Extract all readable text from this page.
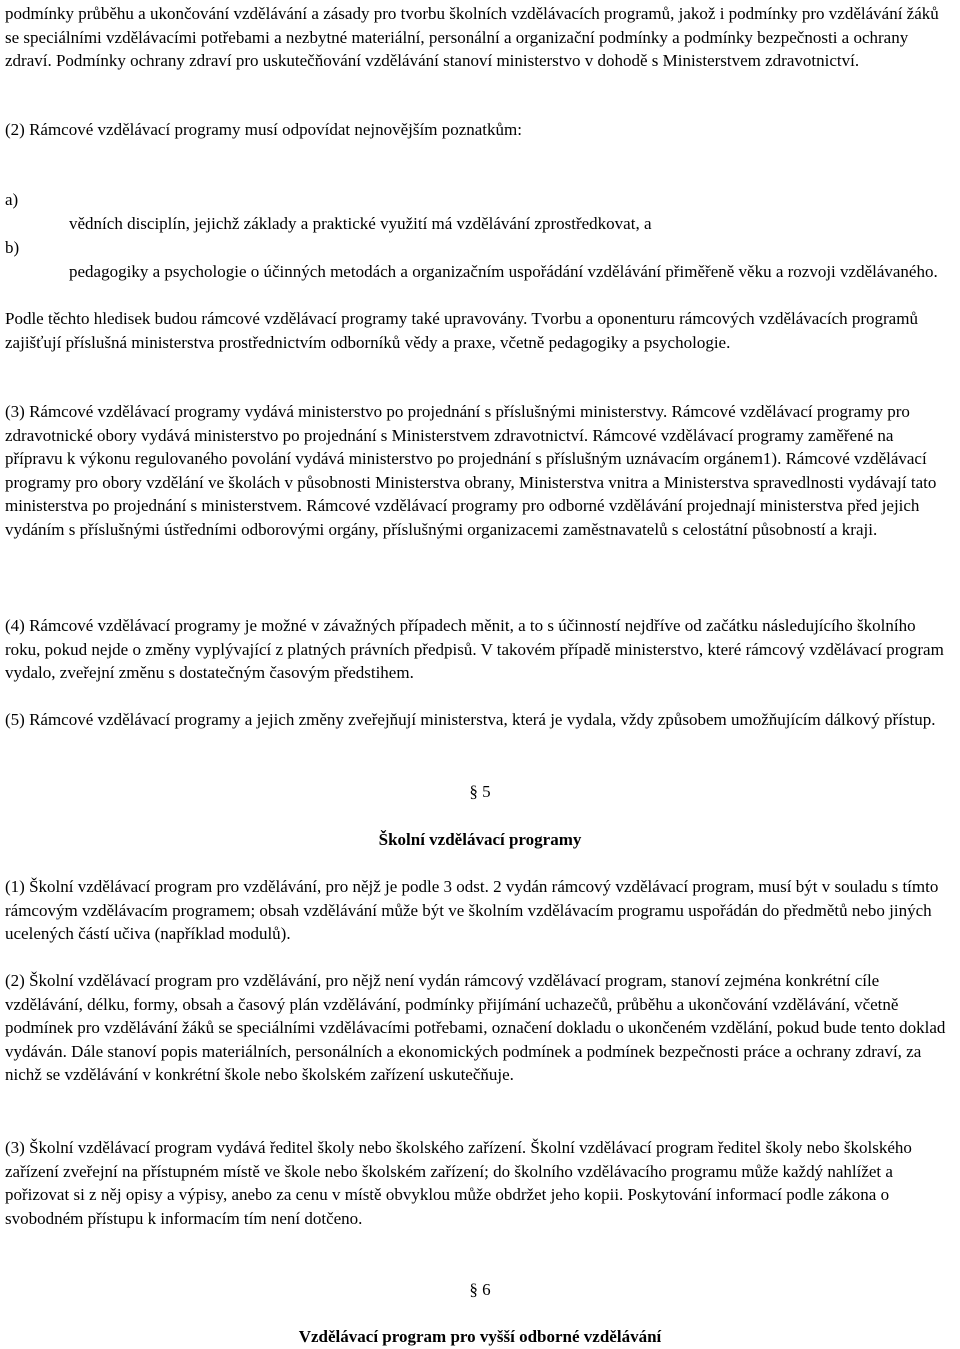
podmínky průběhu a ukončování vzdělávání a zásady pro tvorbu školních vzdělávacích programů, jakož i podmínky pro vzdělávání žáků se speciálními vzdělávacími potřebami a nezbytné materiální, personální a organizační podmínky a podmínky bezpečnosti a ochrany zdraví. Podmínky ochrany zdraví pro uskutečňování vzdělávání stanoví ministerstvo v dohodě s Ministerstvem zdravotnictví.

(2) Rámcové vzdělávací programy musí odpovídat nejnovějším poznatkům:

a)
vědních disciplín, jejichž základy a praktické využití má vzdělávání zprostředkovat, a
b)
pedagogiky a psychologie o účinných metodách a organizačním uspořádání vzdělávání přiměřeně věku a rozvoji vzdělávaného.

Podle těchto hledisek budou rámcové vzdělávací programy také upravovány. Tvorbu a oponenturu rámcových vzdělávacích programů zajišťují příslušná ministerstva prostřednictvím odborníků vědy a praxe, včetně pedagogiky a psychologie.

(3) Rámcové vzdělávací programy vydává ministerstvo po projednání s příslušnými ministerstvy. Rámcové vzdělávací programy pro zdravotnické obory vydává ministerstvo po projednání s Ministerstvem zdravotnictví. Rámcové vzdělávací programy zaměřené na přípravu k výkonu regulovaného povolání vydává ministerstvo po projednání s příslušným uznávacím orgánem1). Rámcové vzdělávací programy pro obory vzdělání ve školách v působnosti Ministerstva obrany, Ministerstva vnitra a Ministerstva spravedlnosti vydávají tato ministerstva po projednání s ministerstvem. Rámcové vzdělávací programy pro odborné vzdělávání projednají ministerstva před jejich vydáním s příslušnými ústředními odborovými orgány, příslušnými organizacemi zaměstnavatelů s celostátní působností a kraji.

(4) Rámcové vzdělávací programy je možné v závažných případech měnit, a to s účinností nejdříve od začátku následujícího školního roku, pokud nejde o změny vyplývající z platných právních předpisů. V takovém případě ministerstvo, které rámcový vzdělávací program vydalo, zveřejní změnu s dostatečným časovým předstihem.

(5) Rámcové vzdělávací programy a jejich změny zveřejňují ministerstva, která je vydala, vždy způsobem umožňujícím dálkový přístup.

§ 5
Školní vzdělávací programy

(1) Školní vzdělávací program pro vzdělávání, pro nějž je podle 3 odst. 2 vydán rámcový vzdělávací program, musí být v souladu s tímto rámcovým vzdělávacím programem; obsah vzdělávání může být ve školním vzdělávacím programu uspořádán do předmětů nebo jiných ucelených částí učiva (například modulů).

(2) Školní vzdělávací program pro vzdělávání, pro nějž není vydán rámcový vzdělávací program, stanoví zejména konkrétní cíle vzdělávání, délku, formy, obsah a časový plán vzdělávání, podmínky přijímání uchazečů, průběhu a ukončování vzdělávání, včetně podmínek pro vzdělávání žáků se speciálními vzdělávacími potřebami, označení dokladu o ukončeném vzdělání, pokud bude tento doklad vydáván. Dále stanoví popis materiálních, personálních a ekonomických podmínek a podmínek bezpečnosti práce a ochrany zdraví, za nichž se vzdělávání v konkrétní škole nebo školském zařízení uskutečňuje.

(3) Školní vzdělávací program vydává ředitel školy nebo školského zařízení. Školní vzdělávací program ředitel školy nebo školského zařízení zveřejní na přístupném místě ve škole nebo školském zařízení; do školního vzdělávacího programu může každý nahlížet a pořizovat si z něj opisy a výpisy, anebo za cenu v místě obvyklou může obdržet jeho kopii. Poskytování informací podle zákona o svobodném přístupu k informacím tím není dotčeno.

§ 6
Vzdělávací program pro vyšší odborné vzdělávání
